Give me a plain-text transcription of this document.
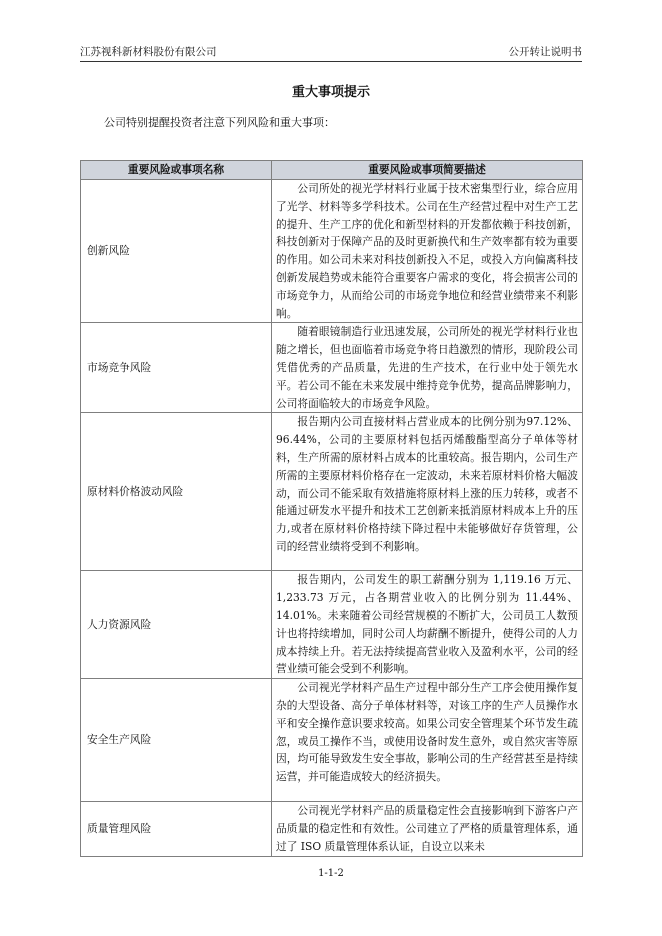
江苏视科新材料股份有限公司	公开转让说明书
重大事项提示
公司特别提醒投资者注意下列风险和重大事项：
重要风险或事项名称	重要风险或事项简要描述
创新风险	公司所处的视光学材料行业属于技术密集型行业，综合应用了光学、材料等多学科技术。公司在生产经营过程中对生产工艺的提升、生产工序的优化和新型材料的开发都依赖于科技创新，科技创新对于保障产品的及时更新换代和生产效率都有较为重要的作用。如公司未来对科技创新投入不足，或投入方向偏离科技创新发展趋势或未能符合重要客户需求的变化，将会损害公司的市场竞争力，从而给公司的市场竞争地位和经营业绩带来不利影响。
市场竞争风险	随着眼镜制造行业迅速发展，公司所处的视光学材料行业也随之增长，但也面临着市场竞争将日趋激烈的情形，现阶段公司凭借优秀的产品质量，先进的生产技术，在行业中处于领先水平。若公司不能在未来发展中维持竞争优势，提高品牌影响力，公司将面临较大的市场竞争风险。
原材料价格波动风险	报告期内公司直接材料占营业成本的比例分别为97.12%、96.44%，公司的主要原材料包括丙烯酸酯型高分子单体等材料，生产所需的原材料占成本的比重较高。报告期内，公司生产所需的主要原材料价格存在一定波动，未来若原材料价格大幅波动，而公司不能采取有效措施将原材料上涨的压力转移，或者不能通过研发水平提升和技术工艺创新来抵消原材料成本上升的压力,或者在原材料价格持续下降过程中未能够做好存货管理，公司的经营业绩将受到不利影响。
人力资源风险	报告期内，公司发生的职工薪酬分别为 1,119.16 万元、1,233.73 万元，占各期营业收入的比例分别为 11.44%、14.01%。未来随着公司经营规模的不断扩大，公司员工人数预计也将持续增加，同时公司人均薪酬不断提升，使得公司的人力成本持续上升。若无法持续提高营业收入及盈利水平，公司的经营业绩可能会受到不利影响。
安全生产风险	公司视光学材料产品生产过程中部分生产工序会使用操作复杂的大型设备、高分子单体材料等，对该工序的生产人员操作水平和安全操作意识要求较高。如果公司安全管理某个环节发生疏忽，或员工操作不当，或使用设备时发生意外，或自然灾害等原因，均可能导致发生安全事故，影响公司的生产经营甚至是持续运营，并可能造成较大的经济损失。
质量管理风险	公司视光学材料产品的质量稳定性会直接影响到下游客户产品质量的稳定性和有效性。公司建立了严格的质量管理体系，通过了 ISO 质量管理体系认证，自设立以来未
1-1-2
